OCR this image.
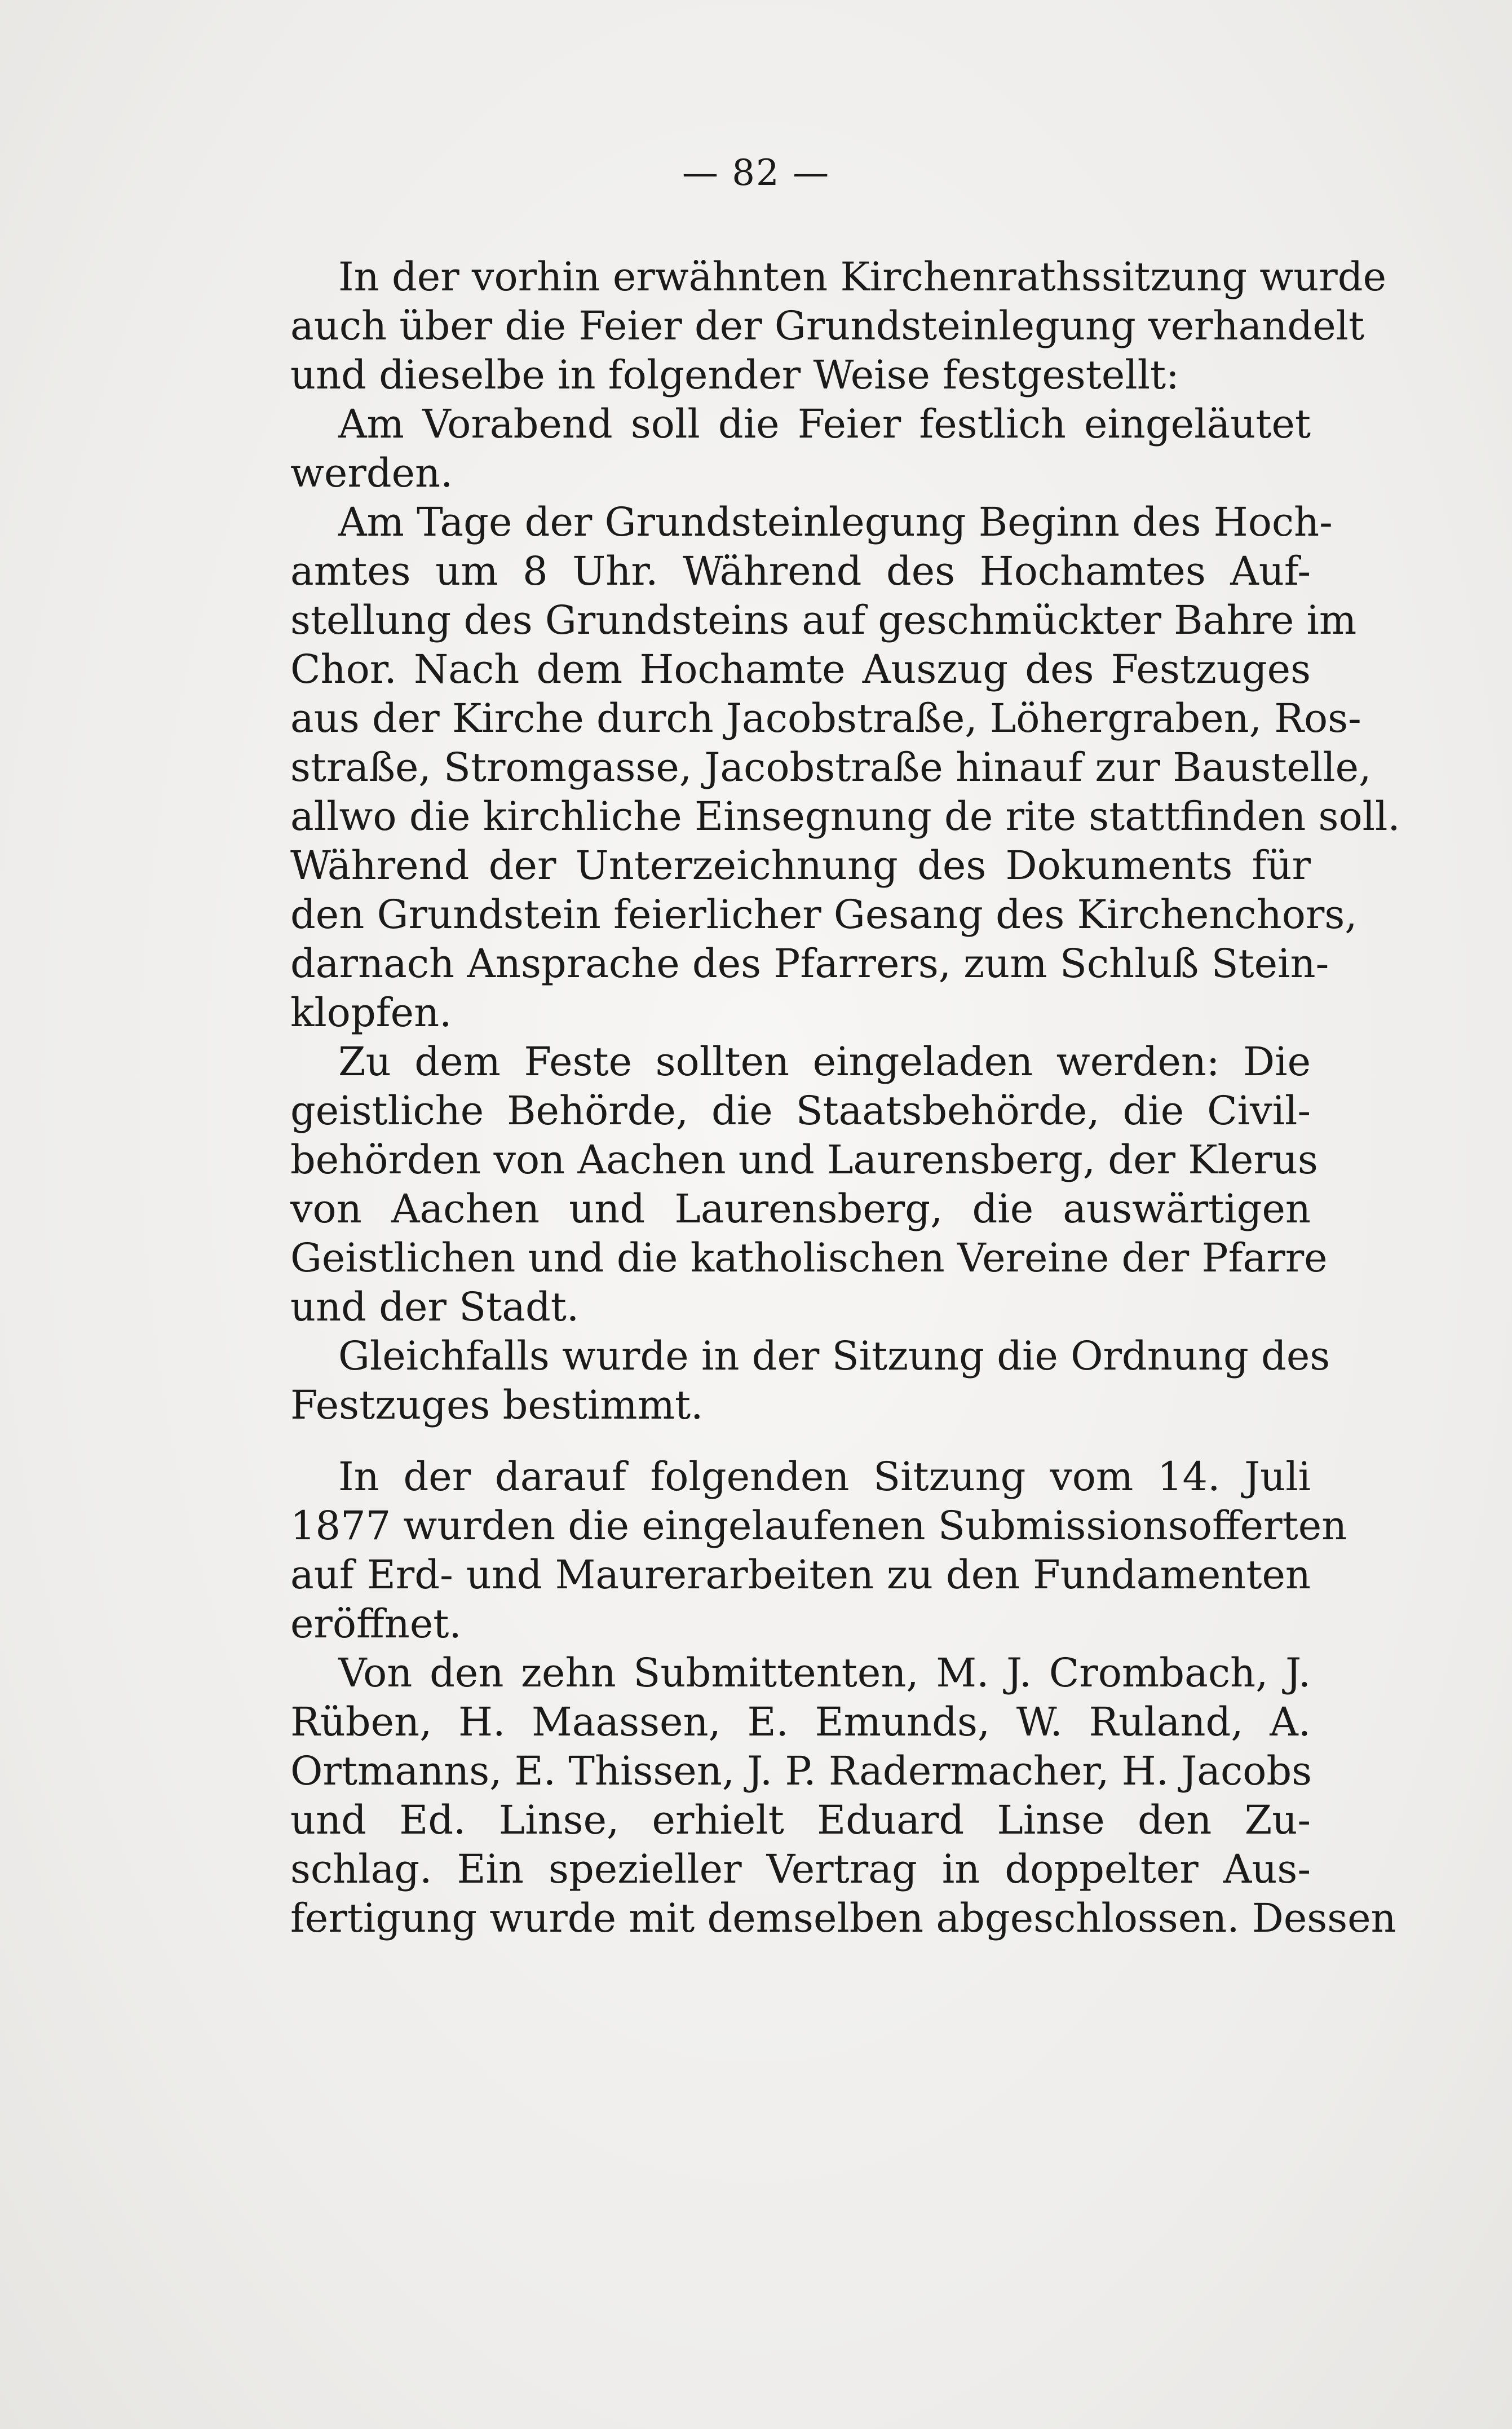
— 82 —
In der vorhin erwähnten Kirchenrathssitzung wurde
auch über die Feier der Grundsteinlegung verhandelt
und dieselbe in folgender Weise festgestellt:
Am Vorabend soll die Feier festlich eingeläutet
werden.
Am Tage der Grundsteinlegung Beginn des Hoch-
amtes um 8 Uhr. Während des Hochamtes Auf-
stellung des Grundsteins auf geschmückter Bahre im
Chor. Nach dem Hochamte Auszug des Festzuges
aus der Kirche durch Jacobstraße, Löhergraben, Ros-
straße, Stromgasse, Jacobstraße hinauf zur Baustelle,
allwo die kirchliche Einsegnung de rite stattfinden soll.
Während der Unterzeichnung des Dokuments für
den Grundstein feierlicher Gesang des Kirchenchors,
darnach Ansprache des Pfarrers, zum Schluß Stein-
klopfen.
Zu dem Feste sollten eingeladen werden: Die
geistliche Behörde, die Staatsbehörde, die Civil-
behörden von Aachen und Laurensberg, der Klerus
von Aachen und Laurensberg, die auswärtigen
Geistlichen und die katholischen Vereine der Pfarre
und der Stadt.
Gleichfalls wurde in der Sitzung die Ordnung des
Festzuges bestimmt.
In der darauf folgenden Sitzung vom 14. Juli
1877 wurden die eingelaufenen Submissionsofferten
auf Erd- und Maurerarbeiten zu den Fundamenten
eröffnet.
Von den zehn Submittenten, M. J. Crombach, J.
Rüben, H. Maassen, E. Emunds, W. Ruland, A.
Ortmanns, E. Thissen, J. P. Radermacher, H. Jacobs
und Ed. Linse, erhielt Eduard Linse den Zu-
schlag. Ein spezieller Vertrag in doppelter Aus-
fertigung wurde mit demselben abgeschlossen. Dessen
